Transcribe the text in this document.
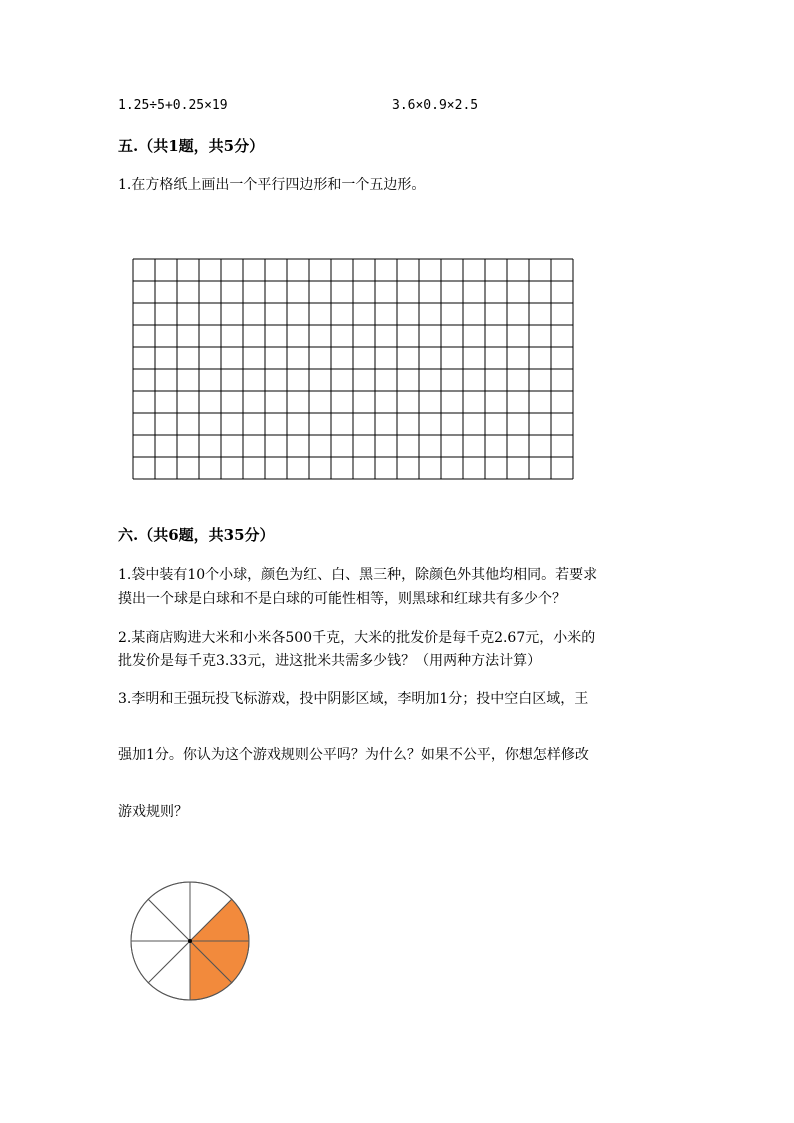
1.25÷5+0.25×19	3.6×0.9×2.5
五.（共1题，共5分）
1.在方格纸上画出一个平行四边形和一个五边形。
六.（共6题，共35分）
1.袋中装有10个小球，颜色为红、白、黑三种，除颜色外其他均相同。若要求
摸出一个球是白球和不是白球的可能性相等，则黑球和红球共有多少个？
2.某商店购进大米和小米各500千克，大米的批发价是每千克2.67元，小米的
批发价是每千克3.33元，进这批米共需多少钱？（用两种方法计算）
3.李明和王强玩投飞标游戏，投中阴影区域，李明加1分；投中空白区域，王
强加1分。你认为这个游戏规则公平吗？为什么？如果不公平，你想怎样修改
游戏规则？
